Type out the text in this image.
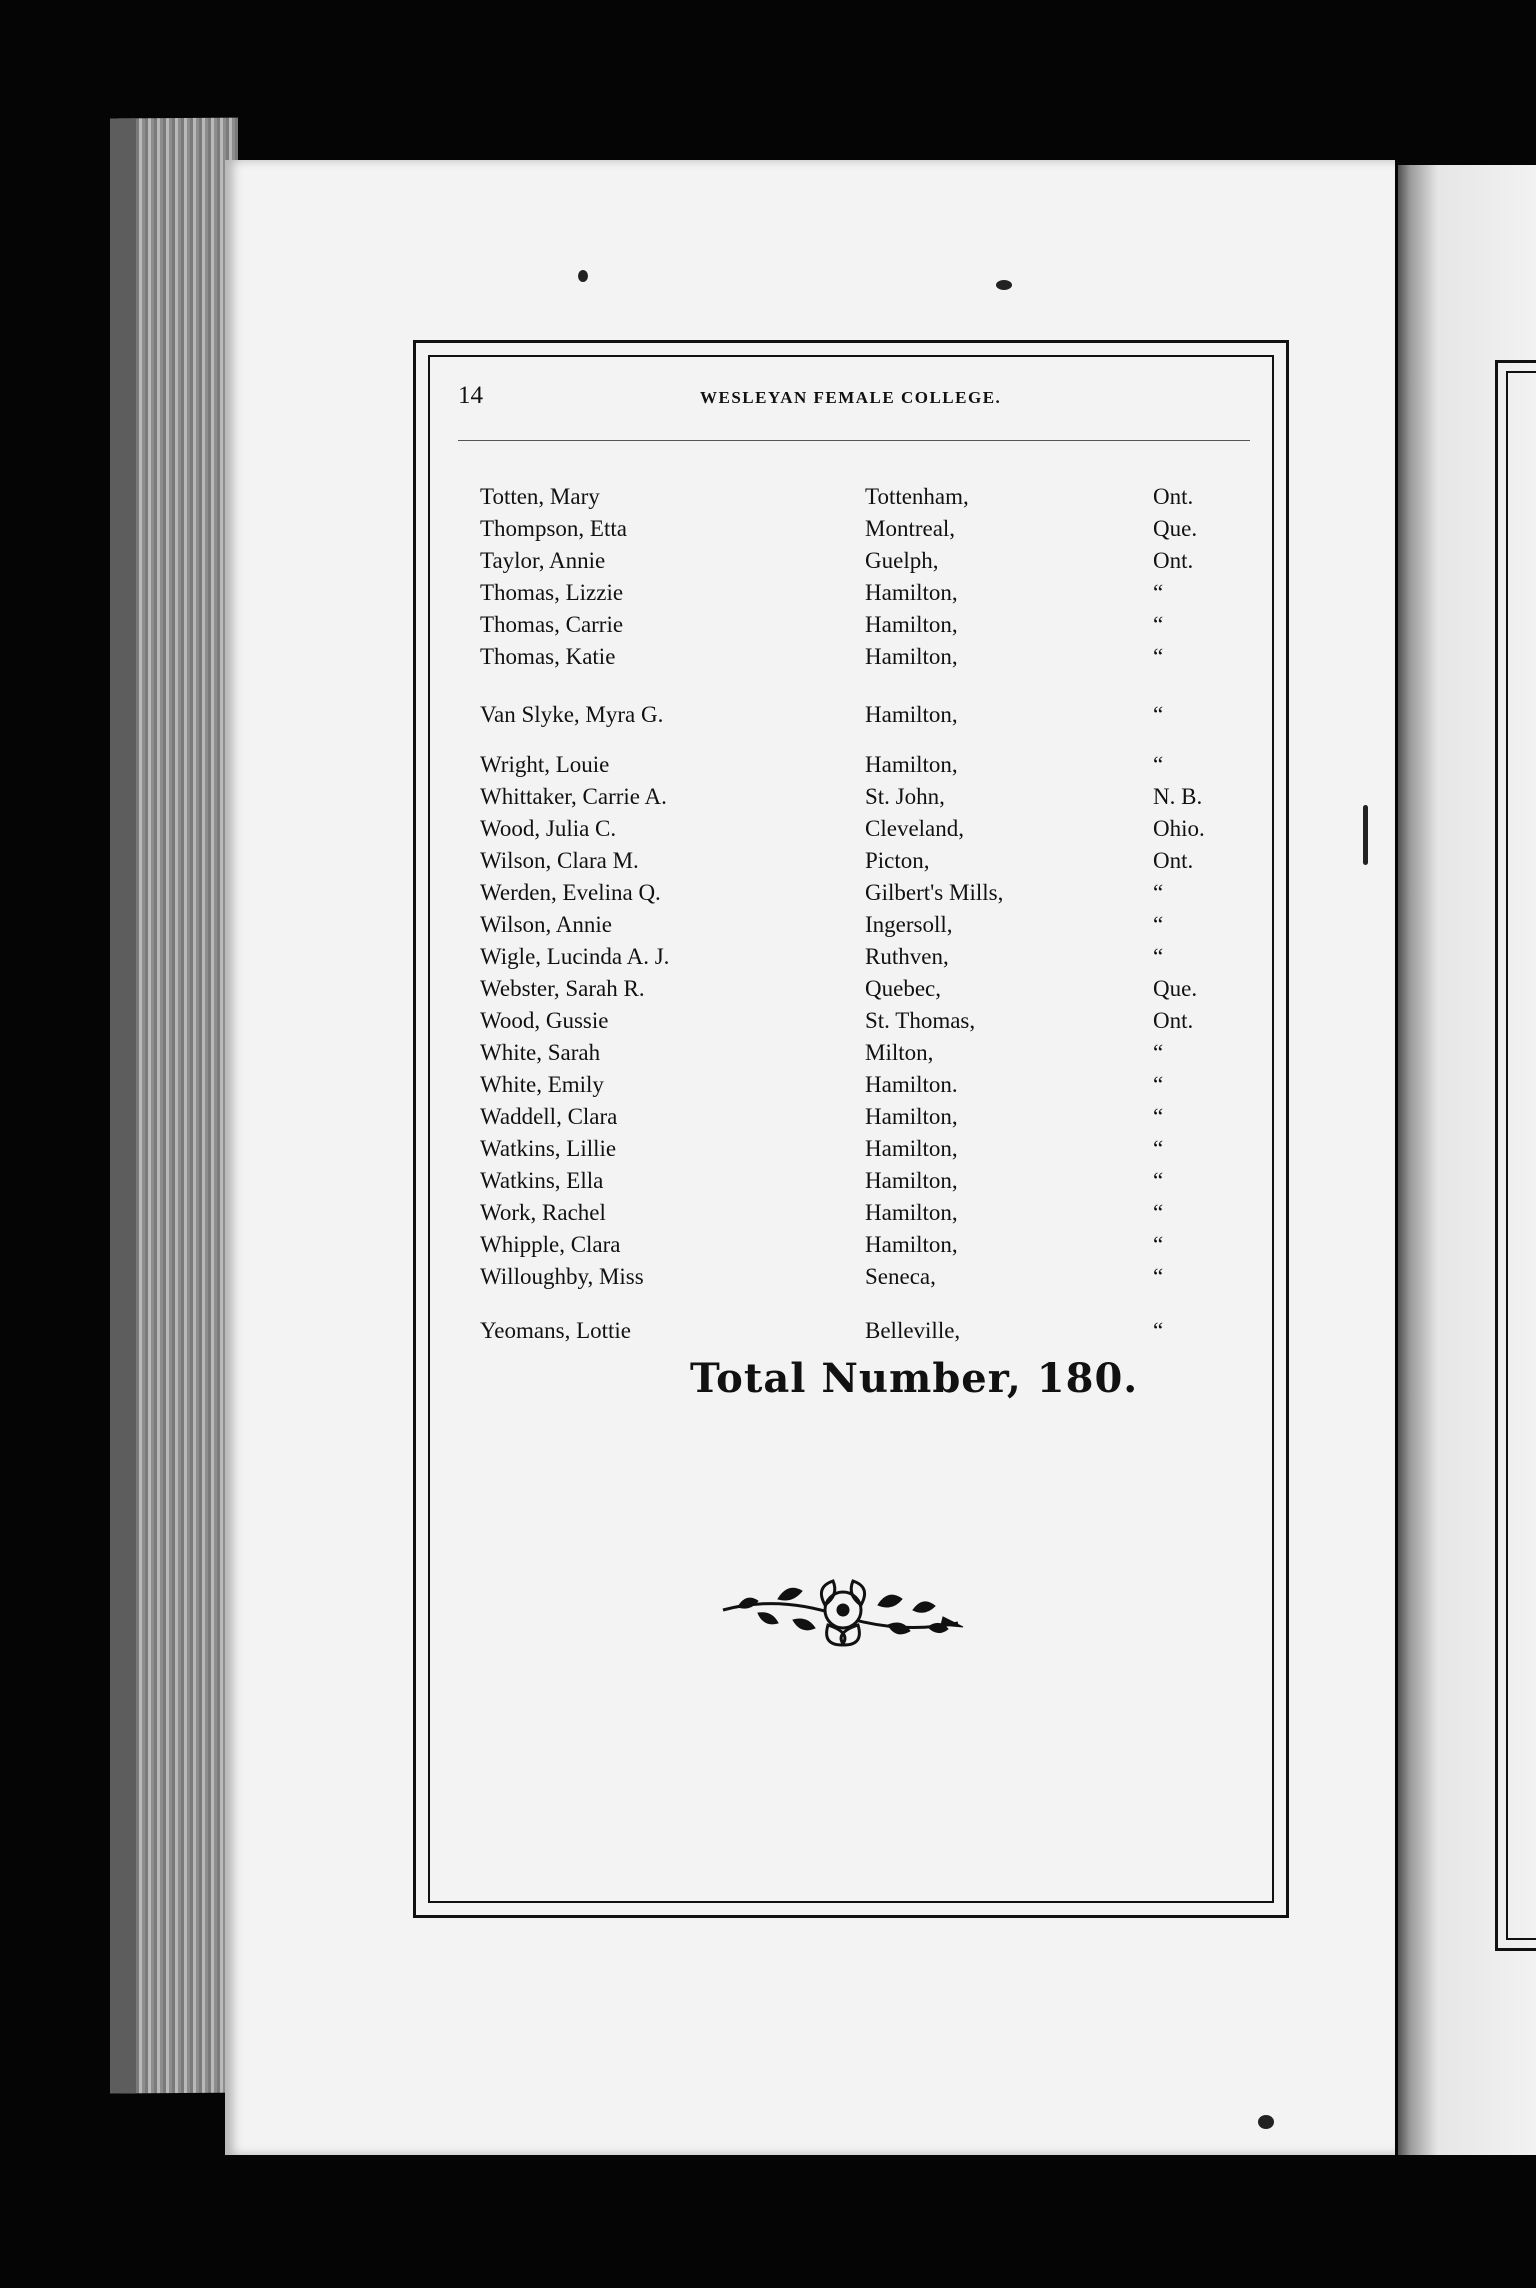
14	WESLEYAN FEMALE COLLEGE.
Totten, Mary	Tottenham,	Ont.
Thompson, Etta	Montreal,	Que.
Taylor, Annie	Guelph,	Ont.
Thomas, Lizzie	Hamilton,	“
Thomas, Carrie	Hamilton,	“
Thomas, Katie	Hamilton,	“
Van Slyke, Myra G.	Hamilton,	“
Wright, Louie	Hamilton,	“
Whittaker, Carrie A.	St. John,	N. B.
Wood, Julia C.	Cleveland,	Ohio.
Wilson, Clara M.	Picton,	Ont.
Werden, Evelina Q.	Gilbert's Mills,	“
Wilson, Annie	Ingersoll,	“
Wigle, Lucinda A. J.	Ruthven,	“
Webster, Sarah R.	Quebec,	Que.
Wood, Gussie	St. Thomas,	Ont.
White, Sarah	Milton,	“
White, Emily	Hamilton.	“
Waddell, Clara	Hamilton,	“
Watkins, Lillie	Hamilton,	“
Watkins, Ella	Hamilton,	“
Work, Rachel	Hamilton,	“
Whipple, Clara	Hamilton,	“
Willoughby, Miss	Seneca,	“
Yeomans, Lottie	Belleville,	“
Total Number, 180.
